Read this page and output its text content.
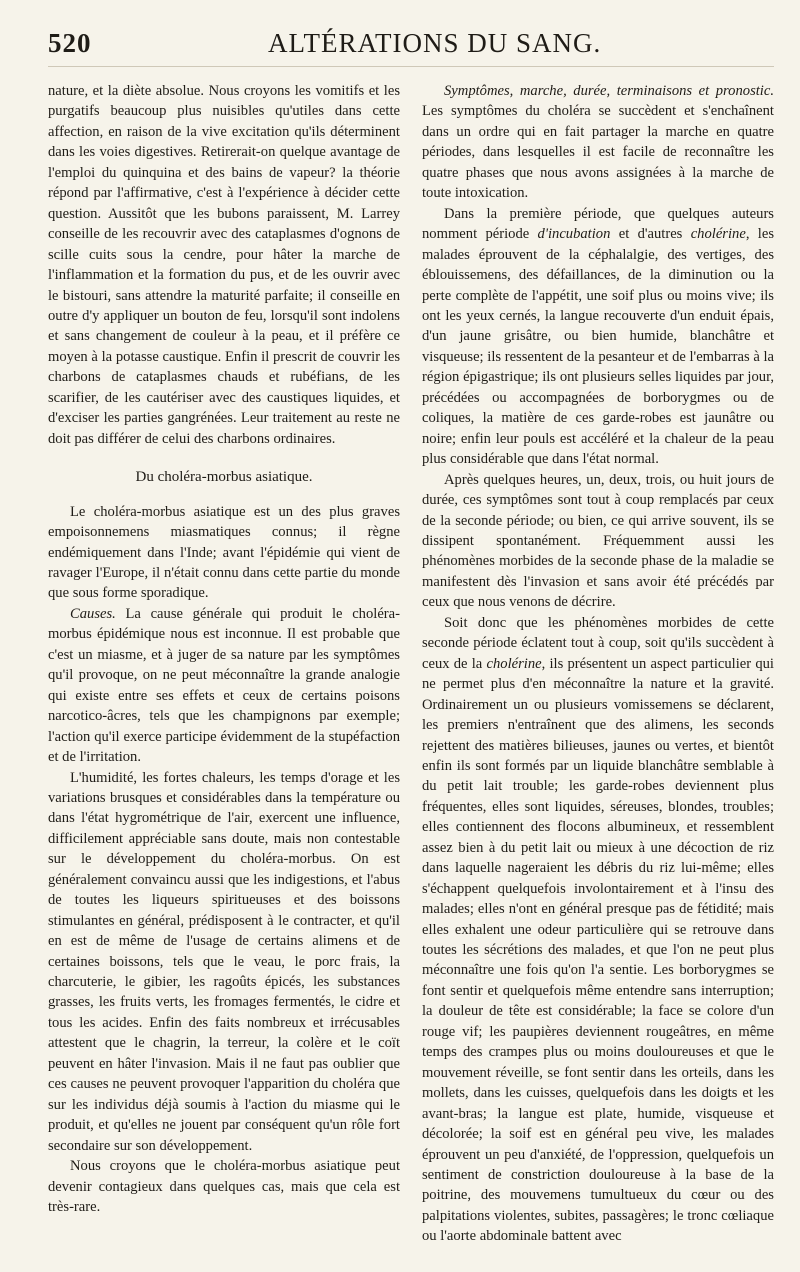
520	ALTÉRATIONS DU SANG.

nature, et la diète absolue. Nous croyons les vomitifs et les purgatifs beaucoup plus nuisibles qu'utiles dans cette affection, en raison de la vive excitation qu'ils déterminent dans les voies digestives. Retirerait-on quelque avantage de l'emploi du quinquina et des bains de vapeur? la théorie répond par l'affirmative, c'est à l'expérience à décider cette question. Aussitôt que les bubons paraissent, M. Larrey conseille de les recouvrir avec des cataplasmes d'ognons de scille cuits sous la cendre, pour hâter la marche de l'inflammation et la formation du pus, et de les ouvrir avec le bistouri, sans attendre la maturité parfaite; il conseille en outre d'y appliquer un bouton de feu, lorsqu'il sont indolens et sans changement de couleur à la peau, et il préfère ce moyen à la potasse caustique. Enfin il prescrit de couvrir les charbons de cataplasmes chauds et rubéfians, de les scarifier, de les cautériser avec des caustiques liquides, et d'exciser les parties gangrénées. Leur traitement au reste ne doit pas différer de celui des charbons ordinaires.

Du choléra-morbus asiatique.

Le choléra-morbus asiatique est un des plus graves empoisonnemens miasmatiques connus; il règne endémiquement dans l'Inde; avant l'épidémie qui vient de ravager l'Europe, il n'était connu dans cette partie du monde que sous forme sporadique.

Causes. La cause générale qui produit le choléra-morbus épidémique nous est inconnue. Il est probable que c'est un miasme, et à juger de sa nature par les symptômes qu'il provoque, on ne peut méconnaître la grande analogie qui existe entre ses effets et ceux de certains poisons narcotico-âcres, tels que les champignons par exemple; l'action qu'il exerce participe évidemment de la stupéfaction et de l'irritation.

L'humidité, les fortes chaleurs, les temps d'orage et les variations brusques et considérables dans la température ou dans l'état hygrométrique de l'air, exercent une influence, difficilement appréciable sans doute, mais non contestable sur le développement du choléra-morbus. On est généralement convaincu aussi que les indigestions, et l'abus de toutes les liqueurs spiritueuses et des boissons stimulantes en général, prédisposent à le contracter, et qu'il en est de même de l'usage de certains alimens et de certaines boissons, tels que le veau, le porc frais, la charcuterie, le gibier, les ragoûts épicés, les substances grasses, les fruits verts, les fromages fermentés, le cidre et tous les acides. Enfin des faits nombreux et irrécusables attestent que le chagrin, la terreur, la colère et le coït peuvent en hâter l'invasion. Mais il ne faut pas oublier que ces causes ne peuvent provoquer l'apparition du choléra que sur les individus déjà soumis à l'action du miasme qui le produit, et qu'elles ne jouent par conséquent qu'un rôle fort secondaire sur son développement.

Nous croyons que le choléra-morbus asiatique peut devenir contagieux dans quelques cas, mais que cela est très-rare.

Symptômes, marche, durée, terminaisons et pronostic. Les symptômes du choléra se succèdent et s'enchaînent dans un ordre qui en fait partager la marche en quatre périodes, dans lesquelles il est facile de reconnaître les quatre phases que nous avons assignées à la marche de toute intoxication.

Dans la première période, que quelques auteurs nomment période d'incubation et d'autres cholérine, les malades éprouvent de la céphalalgie, des vertiges, des éblouissemens, des défaillances, de la diminution ou la perte complète de l'appétit, une soif plus ou moins vive; ils ont les yeux cernés, la langue recouverte d'un enduit épais, d'un jaune grisâtre, ou bien humide, blanchâtre et visqueuse; ils ressentent de la pesanteur et de l'embarras à la région épigastrique; ils ont plusieurs selles liquides par jour, précédées ou accompagnées de borborygmes ou de coliques, la matière de ces garde-robes est jaunâtre ou noire; enfin leur pouls est accéléré et la chaleur de la peau plus considérable que dans l'état normal.

Après quelques heures, un, deux, trois, ou huit jours de durée, ces symptômes sont tout à coup remplacés par ceux de la seconde période; ou bien, ce qui arrive souvent, ils se dissipent spontanément. Fréquemment aussi les phénomènes morbides de la seconde phase de la maladie se manifestent dès l'invasion et sans avoir été précédés par ceux que nous venons de décrire.

Soit donc que les phénomènes morbides de cette seconde période éclatent tout à coup, soit qu'ils succèdent à ceux de la cholérine, ils présentent un aspect particulier qui ne permet plus d'en méconnaître la nature et la gravité. Ordinairement un ou plusieurs vomissemens se déclarent, les premiers n'entraînent que des alimens, les seconds rejettent des matières bilieuses, jaunes ou vertes, et bientôt enfin ils sont formés par un liquide blanchâtre semblable à du petit lait trouble; les garde-robes deviennent plus fréquentes, elles sont liquides, séreuses, blondes, troubles; elles contiennent des flocons albumineux, et ressemblent assez bien à du petit lait ou mieux à une décoction de riz dans laquelle nageraient les débris du riz lui-même; elles s'échappent quelquefois involontairement et à l'insu des malades; elles n'ont en général presque pas de fétidité; mais elles exhalent une odeur particulière qui se retrouve dans toutes les sécrétions des malades, et que l'on ne peut plus méconnaître une fois qu'on l'a sentie. Les borborygmes se font sentir et quelquefois même entendre sans interruption; la douleur de tête est considérable; la face se colore d'un rouge vif; les paupières deviennent rougeâtres, en même temps des crampes plus ou moins douloureuses et que le mouvement réveille, se font sentir dans les orteils, dans les mollets, dans les cuisses, quelquefois dans les doigts et les avant-bras; la langue est plate, humide, visqueuse et décolorée; la soif est en général peu vive, les malades éprouvent un peu d'anxiété, de l'oppression, quelquefois un sentiment de constriction douloureuse à la base de la poitrine, des mouvemens tumultueux du cœur ou des palpitations violentes, subites, passagères; le tronc cœliaque ou l'aorte abdominale battent avec
